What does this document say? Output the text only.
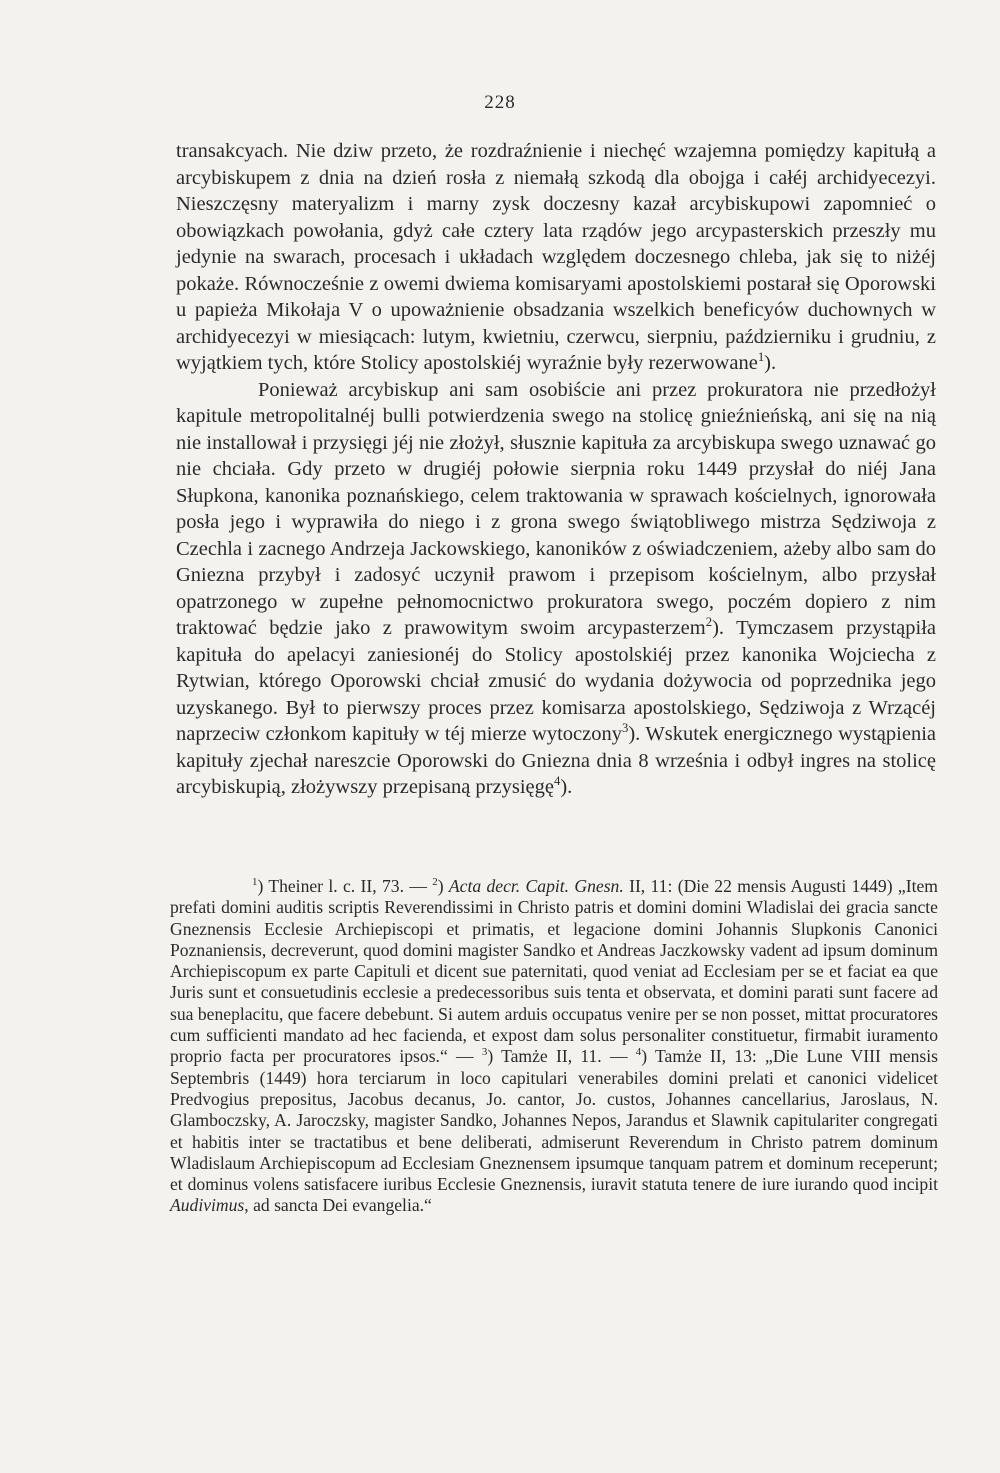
228

transakcyach. Nie dziw przeto, że rozdraźnienie i niechęć wzajemna pomiędzy kapitułą a arcybiskupem z dnia na dzień rosła z niemałą szkodą dla obojga i całéj archidyecezyi. Nieszczęsny materyalizm i marny zysk doczesny kazał arcybiskupowi zapomnieć o obowiązkach powołania, gdyż całe cztery lata rządów jego arcypasterskich przeszły mu jedynie na swarach, procesach i układach względem doczesnego chleba, jak się to niżéj pokaże. Równocześnie z owemi dwiema komisaryami apostolskiemi postarał się Oporowski u papieża Mikołaja V o upoważnienie obsadzania wszelkich beneficyów duchownych w archidyecezyi w miesiącach: lutym, kwietniu, czerwcu, sierpniu, październiku i grudniu, z wyjątkiem tych, które Stolicy apostolskiéj wyraźnie były rezerwowane$^1$).

Ponieważ arcybiskup ani sam osobiście ani przez prokuratora nie przedłożył kapitule metropolitalnéj bulli potwierdzenia swego na stolicę gnieźnieńską, ani się na nią nie installował i przysięgi jéj nie złożył, słusznie kapituła za arcybiskupa swego uznawać go nie chciała. Gdy przeto w drugiéj połowie sierpnia roku 1449 przysłał do niéj Jana Słupkona, kanonika poznańskiego, celem traktowania w sprawach kościelnych, ignorowała posła jego i wyprawiła do niego i z grona swego świątobliwego mistrza Sędziwoja z Czechla i zacnego Andrzeja Jackowskiego, kanoników z oświadczeniem, ażeby albo sam do Gniezna przybył i zadosyć uczynił prawom i przepisom kościelnym, albo przysłał opatrzonego w zupełne pełnomocnictwo prokuratora swego, poczém dopiero z nim traktować będzie jako z prawowitym swoim arcypasterzem$^2$). Tymczasem przystąpiła kapituła do apelacyi zaniesionéj do Stolicy apostolskiéj przez kanonika Wojciecha z Rytwian, którego Oporowski chciał zmusić do wydania dożywocia od poprzednika jego uzyskanego. Był to pierwszy proces przez komisarza apostolskiego, Sędziwoja z Wrzącéj naprzeciw członkom kapituły w téj mierze wytoczony$^3$). Wskutek energicznego wystąpienia kapituły zjechał nareszcie Oporowski do Gniezna dnia 8 września i odbył ingres na stolicę arcybiskupią, złożywszy przepisaną przysięgę$^4$).

$^1$) Theiner l. c. II, 73. — $^2$) Acta decr. Capit. Gnesn. II, 11: (Die 22 mensis Augusti 1449) „Item prefati domini auditis scriptis Reverendissimi in Christo patris et domini domini Wladislai dei gracia sancte Gneznensis Ecclesie Archiepiscopi et primatis, et legacione domini Johannis Slupkonis Canonici Poznaniensis, decreverunt, quod domini magister Sandko et Andreas Jaczkowsky vadent ad ipsum dominum Archiepiscopum ex parte Capituli et dicent sue paternitati, quod veniat ad Ecclesiam per se et faciat ea que Juris sunt et consuetudinis ecclesie a predecessoribus suis tenta et observata, et domini parati sunt facere ad sua beneplacitu, que facere debebunt. Si autem arduis occupatus venire per se non posset, mittat procuratores cum sufficienti mandato ad hec facienda, et expost dam solus personaliter constituetur, firmabit iuramento proprio facta per procuratores ipsos.“ — $^3$) Tamże II, 11. — $^4$) Tamże II, 13: „Die Lune VIII mensis Septembris (1449) hora terciarum in loco capitulari venerabiles domini prelati et canonici videlicet Predvogius prepositus, Jacobus decanus, Jo. cantor, Jo. custos, Johannes cancellarius, Jaroslaus, N. Glamboczsky, A. Jaroczsky, magister Sandko, Johannes Nepos, Jarandus et Slawnik capitulariter congregati et habitis inter se tractatibus et bene deliberati, admiserunt Reverendum in Christo patrem dominum Wladislaum Archiepiscopum ad Ecclesiam Gneznensem ipsumque tanquam patrem et dominum receperunt; et dominus volens satisfacere iuribus Ecclesie Gneznensis, iuravit statuta tenere de iure iurando quod incipit Audivimus, ad sancta Dei evangelia.“
